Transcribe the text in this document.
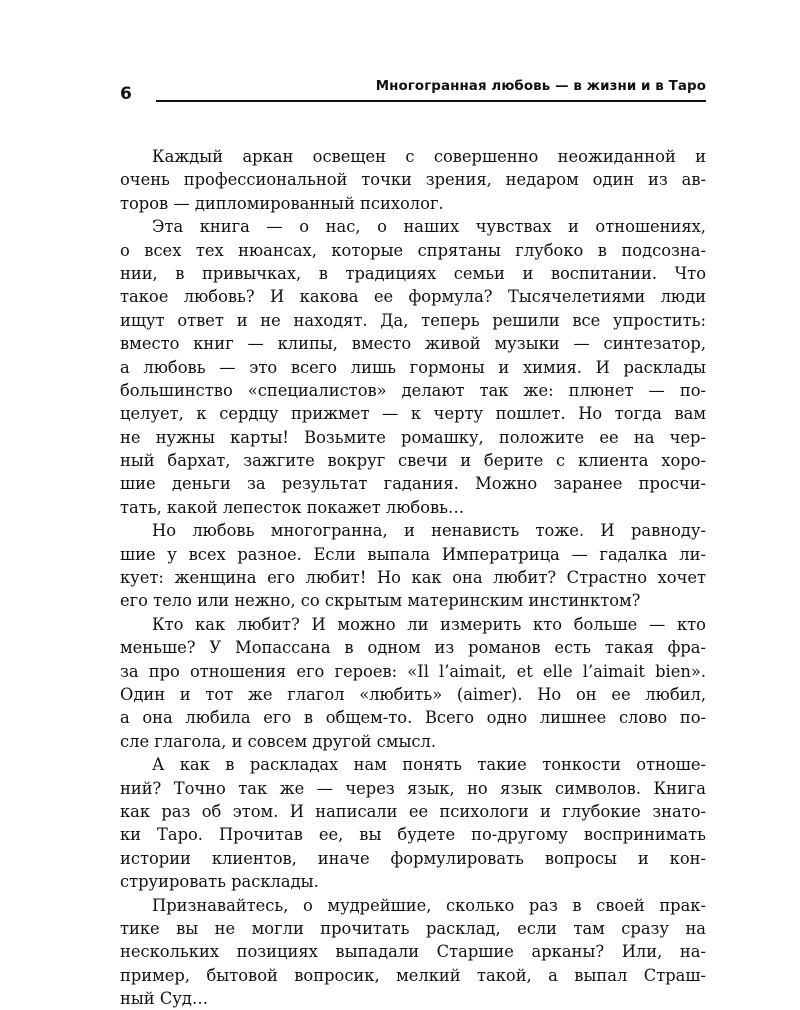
6	Многогранная любовь — в жизни и в Таро
Каждый аркан освещен с совершенно неожиданной и
очень профессиональной точки зрения, недаром один из ав-
торов — дипломированный психолог.
Эта книга — о нас, о наших чувствах и отношениях,
о всех тех нюансах, которые спрятаны глубоко в подсозна-
нии, в привычках, в традициях семьи и воспитании. Что
такое любовь? И какова ее формула? Тысячелетиями люди
ищут ответ и не находят. Да, теперь решили все упростить:
вместо книг — клипы, вместо живой музыки — синтезатор,
а любовь — это всего лишь гормоны и химия. И расклады
большинство «специалистов» делают так же: плюнет — по-
целует, к сердцу прижмет — к черту пошлет. Но тогда вам
не нужны карты! Возьмите ромашку, положите ее на чер-
ный бархат, зажгите вокруг свечи и берите с клиента хоро-
шие деньги за результат гадания. Можно заранее просчи-
тать, какой лепесток покажет любовь…
Но любовь многогранна, и ненависть тоже. И равноду-
шие у всех разное. Если выпала Императрица — гадалка ли-
кует: женщина его любит! Но как она любит? Страстно хочет
его тело или нежно, со скрытым материнским инстинктом?
Кто как любит? И можно ли измерить кто больше — кто
меньше? У Мопассана в одном из романов есть такая фра-
за про отношения его героев: «Il l’aimait, et elle l’aimait bien».
Один и тот же глагол «любить» (aimer). Но он ее любил,
а она любила его в общем-то. Всего одно лишнее слово по-
сле глагола, и совсем другой смысл.
А как в раскладах нам понять такие тонкости отноше-
ний? Точно так же — через язык, но язык символов. Книга
как раз об этом. И написали ее психологи и глубокие знато-
ки Таро. Прочитав ее, вы будете по-другому воспринимать
истории клиентов, иначе формулировать вопросы и кон-
струировать расклады.
Признавайтесь, о мудрейшие, сколько раз в своей прак-
тике вы не могли прочитать расклад, если там сразу на
нескольких позициях выпадали Старшие арканы? Или, на-
пример, бытовой вопросик, мелкий такой, а выпал Страш-
ный Суд…
